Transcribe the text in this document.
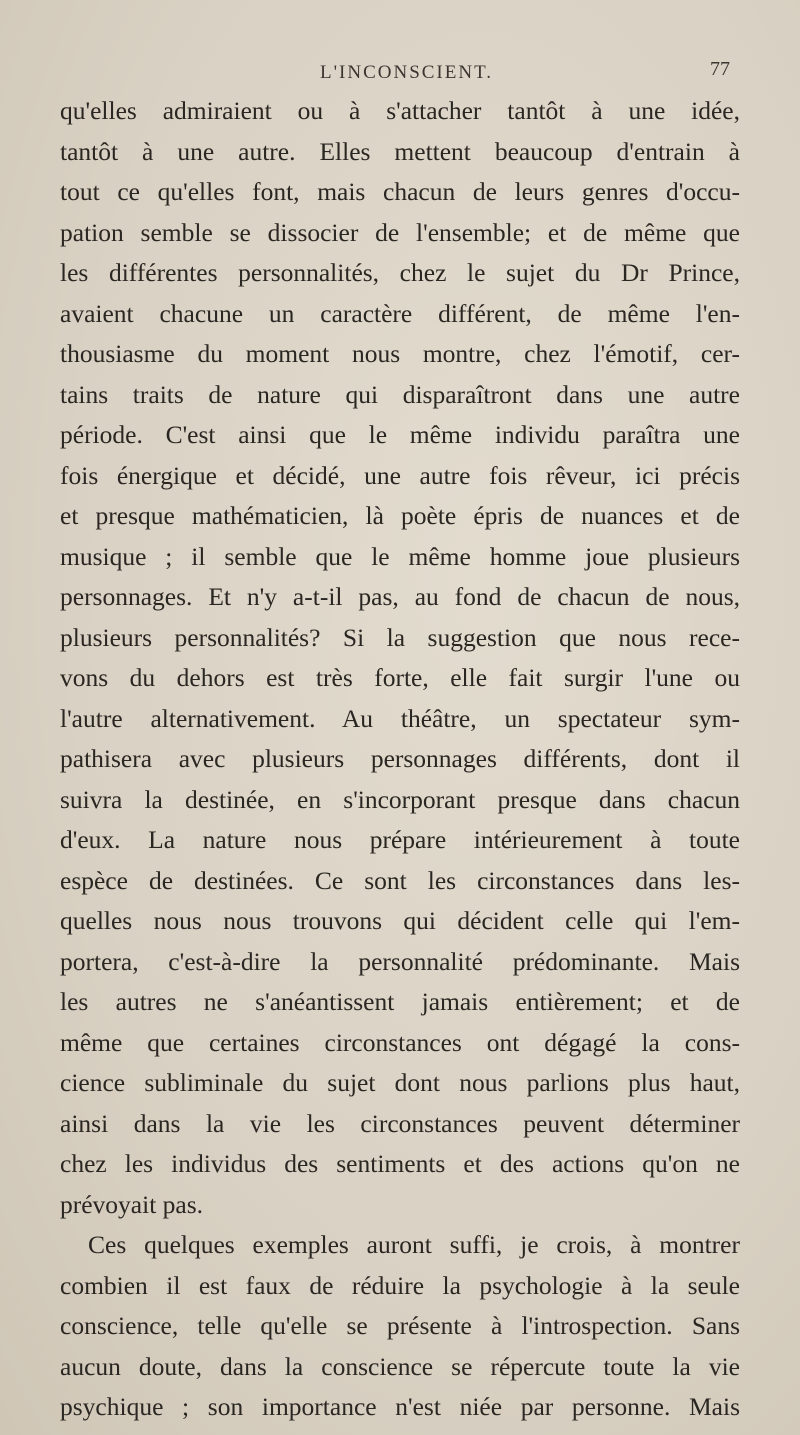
L'INCONSCIENT.	77
qu'elles admiraient ou à s'attacher tantôt à une idée,
tantôt à une autre. Elles mettent beaucoup d'entrain à
tout ce qu'elles font, mais chacun de leurs genres d'occu-
pation semble se dissocier de l'ensemble; et de même que
les différentes personnalités, chez le sujet du Dr Prince,
avaient chacune un caractère différent, de même l'en-
thousiasme du moment nous montre, chez l'émotif, cer-
tains traits de nature qui disparaîtront dans une autre
période. C'est ainsi que le même individu paraîtra une
fois énergique et décidé, une autre fois rêveur, ici précis
et presque mathématicien, là poète épris de nuances et de
musique ; il semble que le même homme joue plusieurs
personnages. Et n'y a-t-il pas, au fond de chacun de nous,
plusieurs personnalités? Si la suggestion que nous rece-
vons du dehors est très forte, elle fait surgir l'une ou
l'autre alternativement. Au théâtre, un spectateur sym-
pathisera avec plusieurs personnages différents, dont il
suivra la destinée, en s'incorporant presque dans chacun
d'eux. La nature nous prépare intérieurement à toute
espèce de destinées. Ce sont les circonstances dans les-
quelles nous nous trouvons qui décident celle qui l'em-
portera, c'est-à-dire la personnalité prédominante. Mais
les autres ne s'anéantissent jamais entièrement; et de
même que certaines circonstances ont dégagé la cons-
cience subliminale du sujet dont nous parlions plus haut,
ainsi dans la vie les circonstances peuvent déterminer
chez les individus des sentiments et des actions qu'on ne
prévoyait pas.
Ces quelques exemples auront suffi, je crois, à montrer
combien il est faux de réduire la psychologie à la seule
conscience, telle qu'elle se présente à l'introspection. Sans
aucun doute, dans la conscience se répercute toute la vie
psychique ; son importance n'est niée par personne. Mais
